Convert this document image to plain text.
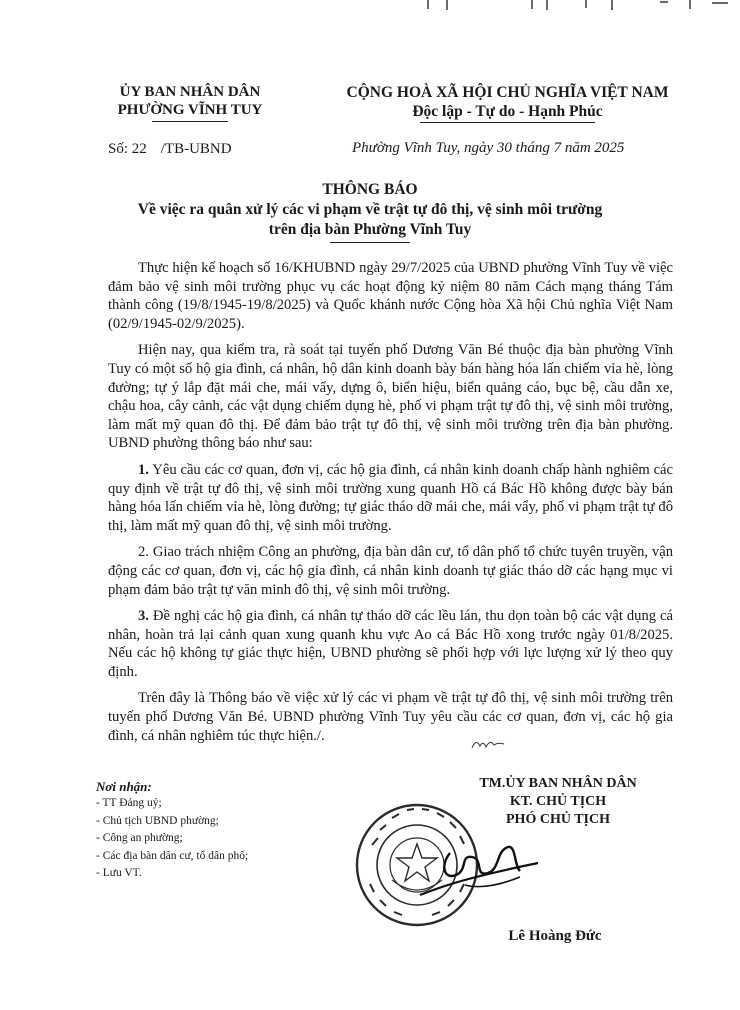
ỦY BAN NHÂN DÂN
PHƯỜNG VĨNH TUY
CỘNG HOÀ XÃ HỘI CHỦ NGHĨA VIỆT NAM
Độc lập - Tự do - Hạnh Phúc
Số: 22 /TB-UBND	Phường Vĩnh Tuy, ngày 30 tháng 7 năm 2025
THÔNG BÁO
Về việc ra quân xử lý các vi phạm về trật tự đô thị, vệ sinh môi trường
trên địa bàn Phường Vĩnh Tuy

Thực hiện kế hoạch số 16/KHUBND ngày 29/7/2025 của UBND phường Vĩnh Tuy về việc đảm bảo vệ sinh môi trường phục vụ các hoạt động kỷ niệm 80 năm Cách mạng tháng Tám thành công (19/8/1945-19/8/2025) và Quốc khánh nước Cộng hòa Xã hội Chủ nghĩa Việt Nam (02/9/1945-02/9/2025).

Hiện nay, qua kiểm tra, rà soát tại tuyến phố Dương Văn Bé thuộc địa bàn phường Vĩnh Tuy có một số hộ gia đình, cá nhân, hộ dân kinh doanh bày bán hàng hóa lấn chiếm vỉa hè, lòng đường; tự ý lắp đặt mái che, mái vẩy, dựng ô, biển hiệu, biển quảng cáo, bục bệ, cầu dẫn xe, chậu hoa, cây cảnh, các vật dụng chiếm dụng hè, phố vi phạm trật tự đô thị, vệ sinh môi trường, làm mất mỹ quan đô thị. Để đảm bảo trật tự đô thị, vệ sinh môi trường trên địa bàn phường. UBND phường thông báo như sau:

1. Yêu cầu các cơ quan, đơn vị, các hộ gia đình, cá nhân kinh doanh chấp hành nghiêm các quy định về trật tự đô thị, vệ sinh môi trường xung quanh Hồ cá Bác Hồ không được bày bán hàng hóa lấn chiếm vỉa hè, lòng đường; tự giác tháo dỡ mái che, mái vẩy, phố vi phạm trật tự đô thị, làm mất mỹ quan đô thị, vệ sinh môi trường.

2. Giao trách nhiệm Công an phường, địa bàn dân cư, tổ dân phố tổ chức tuyên truyền, vận động các cơ quan, đơn vị, các hộ gia đình, cá nhân kinh doanh tự giác tháo dỡ các hạng mục vi phạm đảm bảo trật tự văn minh đô thị, vệ sinh môi trường.

3. Đề nghị các hộ gia đình, cá nhân tự tháo dỡ các lều lán, thu dọn toàn bộ các vật dụng cá nhân, hoàn trả lại cảnh quan xung quanh khu vực Ao cá Bác Hồ xong trước ngày 01/8/2025. Nếu các hộ không tự giác thực hiện, UBND phường sẽ phối hợp với lực lượng xử lý theo quy định.

Trên đây là Thông báo về việc xử lý các vi phạm về trật tự đô thị, vệ sinh môi trường trên tuyến phố Dương Văn Bé. UBND phường Vĩnh Tuy yêu cầu các cơ quan, đơn vị, các hộ gia đình, cá nhân nghiêm túc thực hiện./.

Nơi nhận:
- TT Đảng uỷ;
- Chủ tịch UBND phường;
- Công an phường;
- Các địa bàn dân cư, tổ dân phố;
- Lưu VT.
TM.ỦY BAN NHÂN DÂN
KT. CHỦ TỊCH
PHÓ CHỦ TỊCH
Lê Hoàng Đức
